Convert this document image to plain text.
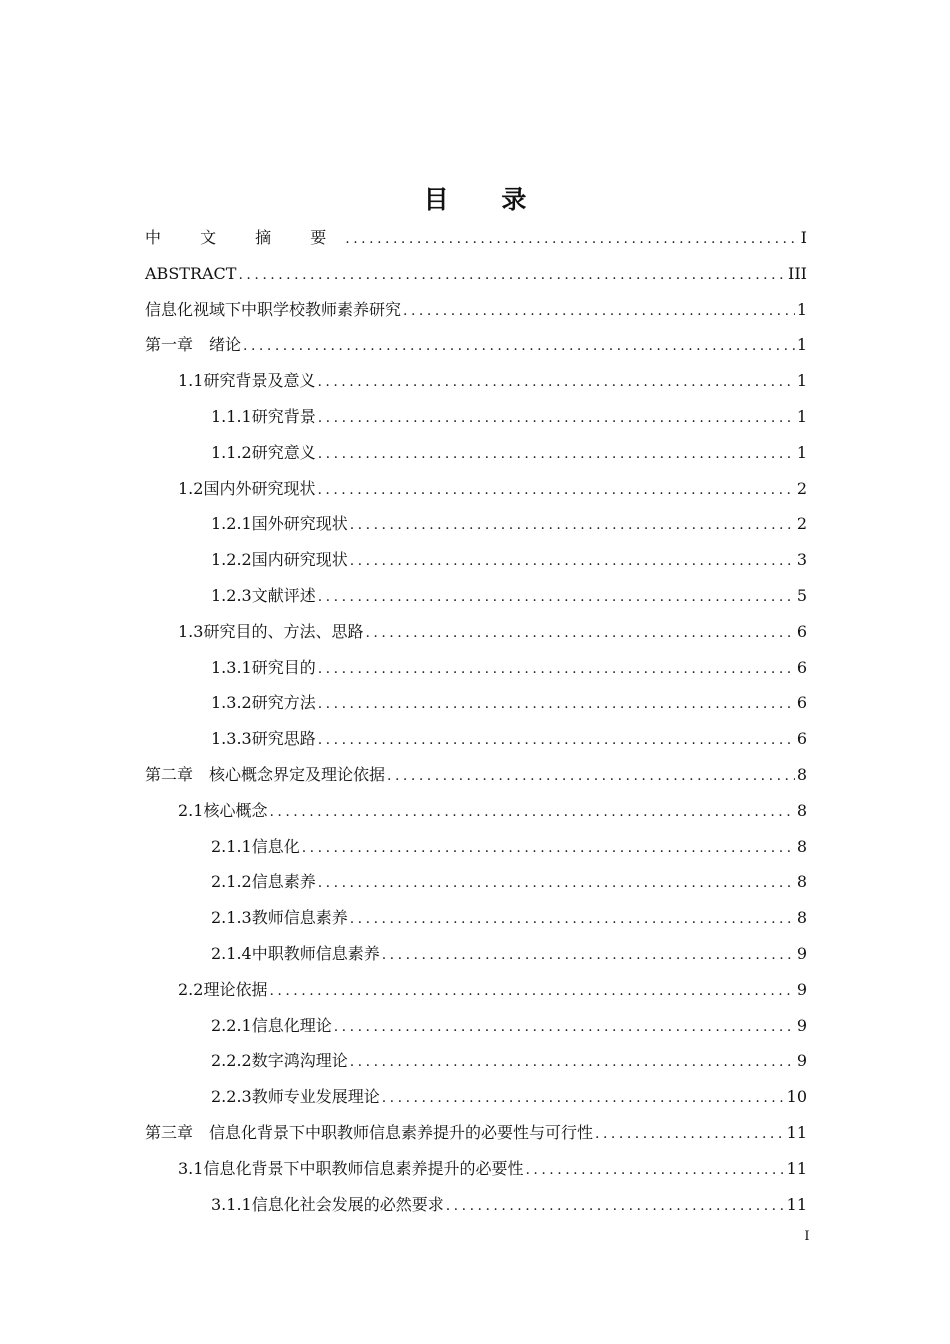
目 录
中 文 摘 要 .....	I
ABSTRACT .....	III
信息化视域下中职学校教师素养研究 .....	1
第一章　绪论 .....	1
1.1研究背景及意义 .....	1
1.1.1研究背景 .....	1
1.1.2研究意义 .....	1
1.2国内外研究现状 .....	2
1.2.1国外研究现状 .....	2
1.2.2国内研究现状 .....	3
1.2.3文献评述 .....	5
1.3研究目的、方法、思路 .....	6
1.3.1研究目的 .....	6
1.3.2研究方法 .....	6
1.3.3研究思路 .....	6
第二章　核心概念界定及理论依据 .....	8
2.1核心概念 .....	8
2.1.1信息化 .....	8
2.1.2信息素养 .....	8
2.1.3教师信息素养 .....	8
2.1.4中职教师信息素养 .....	9
2.2理论依据 .....	9
2.2.1信息化理论 .....	9
2.2.2数字鸿沟理论 .....	9
2.2.3教师专业发展理论 .....	10
第三章　信息化背景下中职教师信息素养提升的必要性与可行性 .....	11
3.1信息化背景下中职教师信息素养提升的必要性 .....	11
3.1.1信息化社会发展的必然要求 .....	11
I
